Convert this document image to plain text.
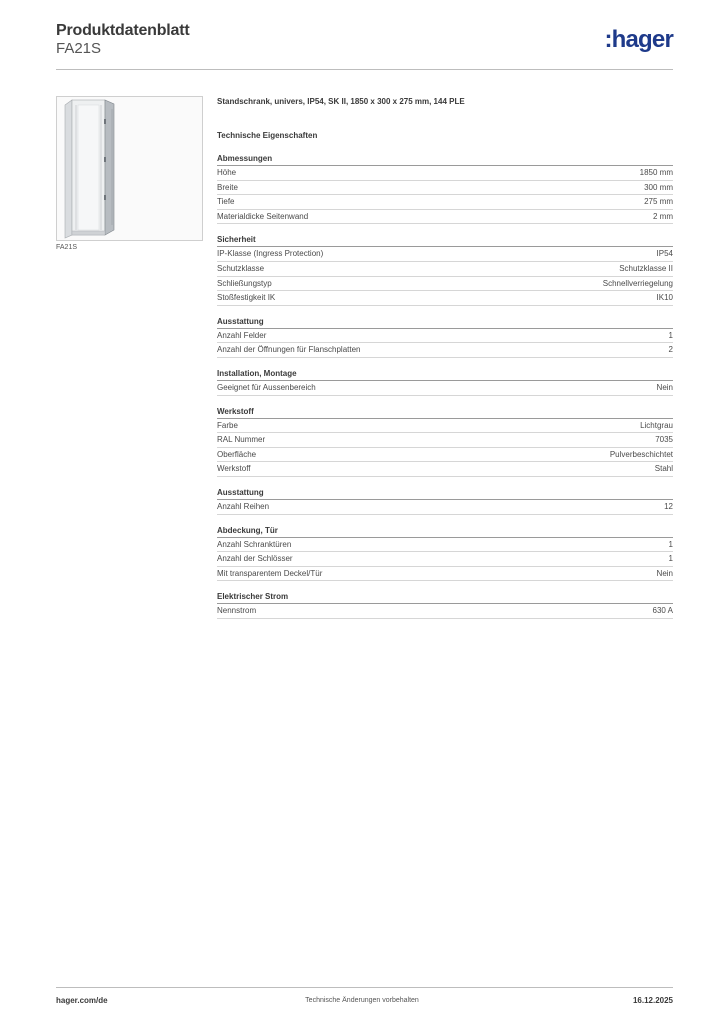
Produktdatenblatt
FA21S	:hager
FA21S
Standschrank, univers, IP54, SK II, 1850 x 300 x 275 mm, 144 PLE
Technische Eigenschaften
Abmessungen
Höhe	1850 mm
Breite	300 mm
Tiefe	275 mm
Materialdicke Seitenwand	2 mm
Sicherheit
IP-Klasse (Ingress Protection)	IP54
Schutzklasse	Schutzklasse II
Schließungstyp	Schnellverriegelung
Stoßfestigkeit IK	IK10
Ausstattung
Anzahl Felder	1
Anzahl der Öffnungen für Flanschplatten	2
Installation, Montage
Geeignet für Aussenbereich	Nein
Werkstoff
Farbe	Lichtgrau
RAL Nummer	7035
Oberfläche	Pulverbeschichtet
Werkstoff	Stahl
Ausstattung
Anzahl Reihen	12
Abdeckung, Tür
Anzahl Schranktüren	1
Anzahl der Schlösser	1
Mit transparentem Deckel/Tür	Nein
Elektrischer Strom
Nennstrom	630 A
hager.com/de	Technische Änderungen vorbehalten	16.12.2025
